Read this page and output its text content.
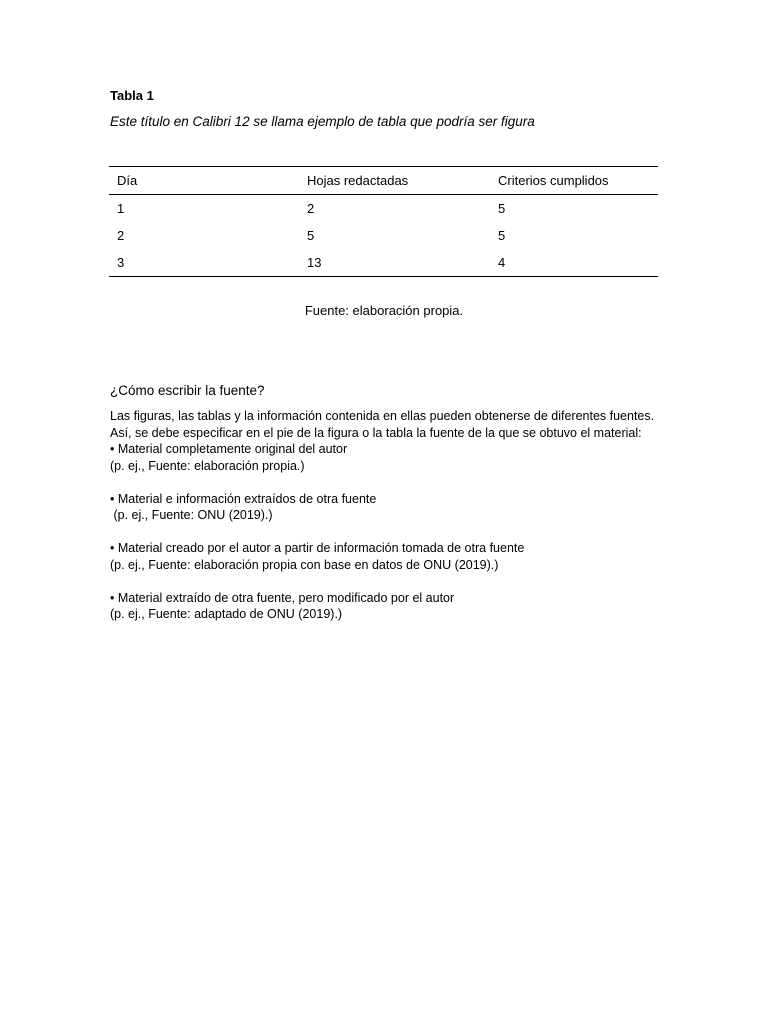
Tabla 1

Este título en Calibri 12 se llama ejemplo de tabla que podría ser figura

Día	Hojas redactadas	Criterios cumplidos
1	2	5
2	5	5
3	13	4

Fuente: elaboración propia.

¿Cómo escribir la fuente?

Las figuras, las tablas y la información contenida en ellas pueden obtenerse de diferentes fuentes. Así, se debe especificar en el pie de la figura o la tabla la fuente de la que se obtuvo el material:

• Material completamente original del autor

(p. ej., Fuente: elaboración propia.)

• Material e información extraídos de otra fuente

(p. ej., Fuente: ONU (2019).)

• Material creado por el autor a partir de información tomada de otra fuente

(p. ej., Fuente: elaboración propia con base en datos de ONU (2019).)

• Material extraído de otra fuente, pero modificado por el autor

(p. ej., Fuente: adaptado de ONU (2019).)
